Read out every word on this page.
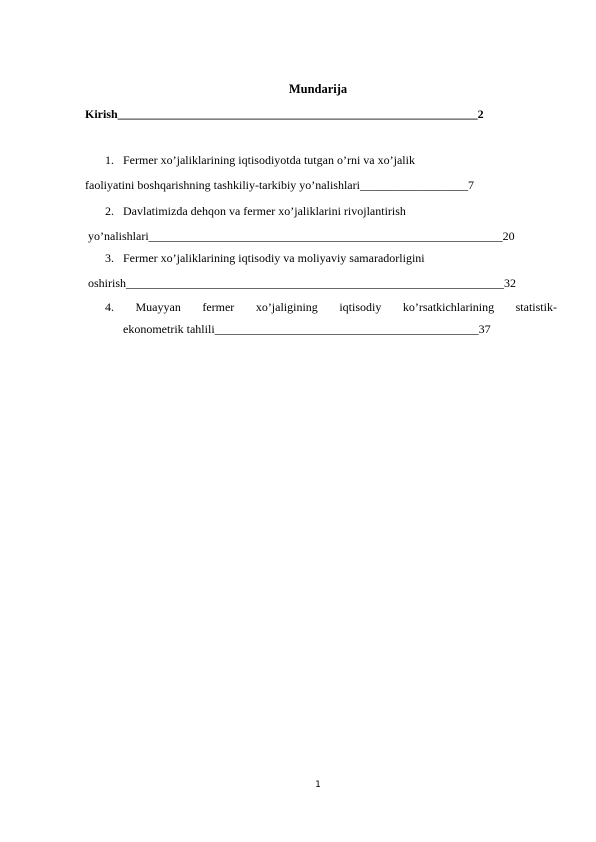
Mundarija
Kirish____________________________________________________________2
1. Fermer xo’jaliklarining iqtisodiyotda tutgan o’rni va xo’jalik
faoliyatini boshqarishning tashkiliy-tarkibiy yo’nalishlari__________________7
2. Davlatimizda dehqon va fermer xo’jaliklarini rivojlantirish
yo’nalishlari___________________________________________________________20
3. Fermer xo’jaliklarining iqtisodiy va moliyaviy samaradorligini
oshirish_______________________________________________________________32
4. Muayyan fermer xo’jaligining iqtisodiy ko’rsatkichlarining statistik-
ekonometrik tahlili____________________________________________37
1
